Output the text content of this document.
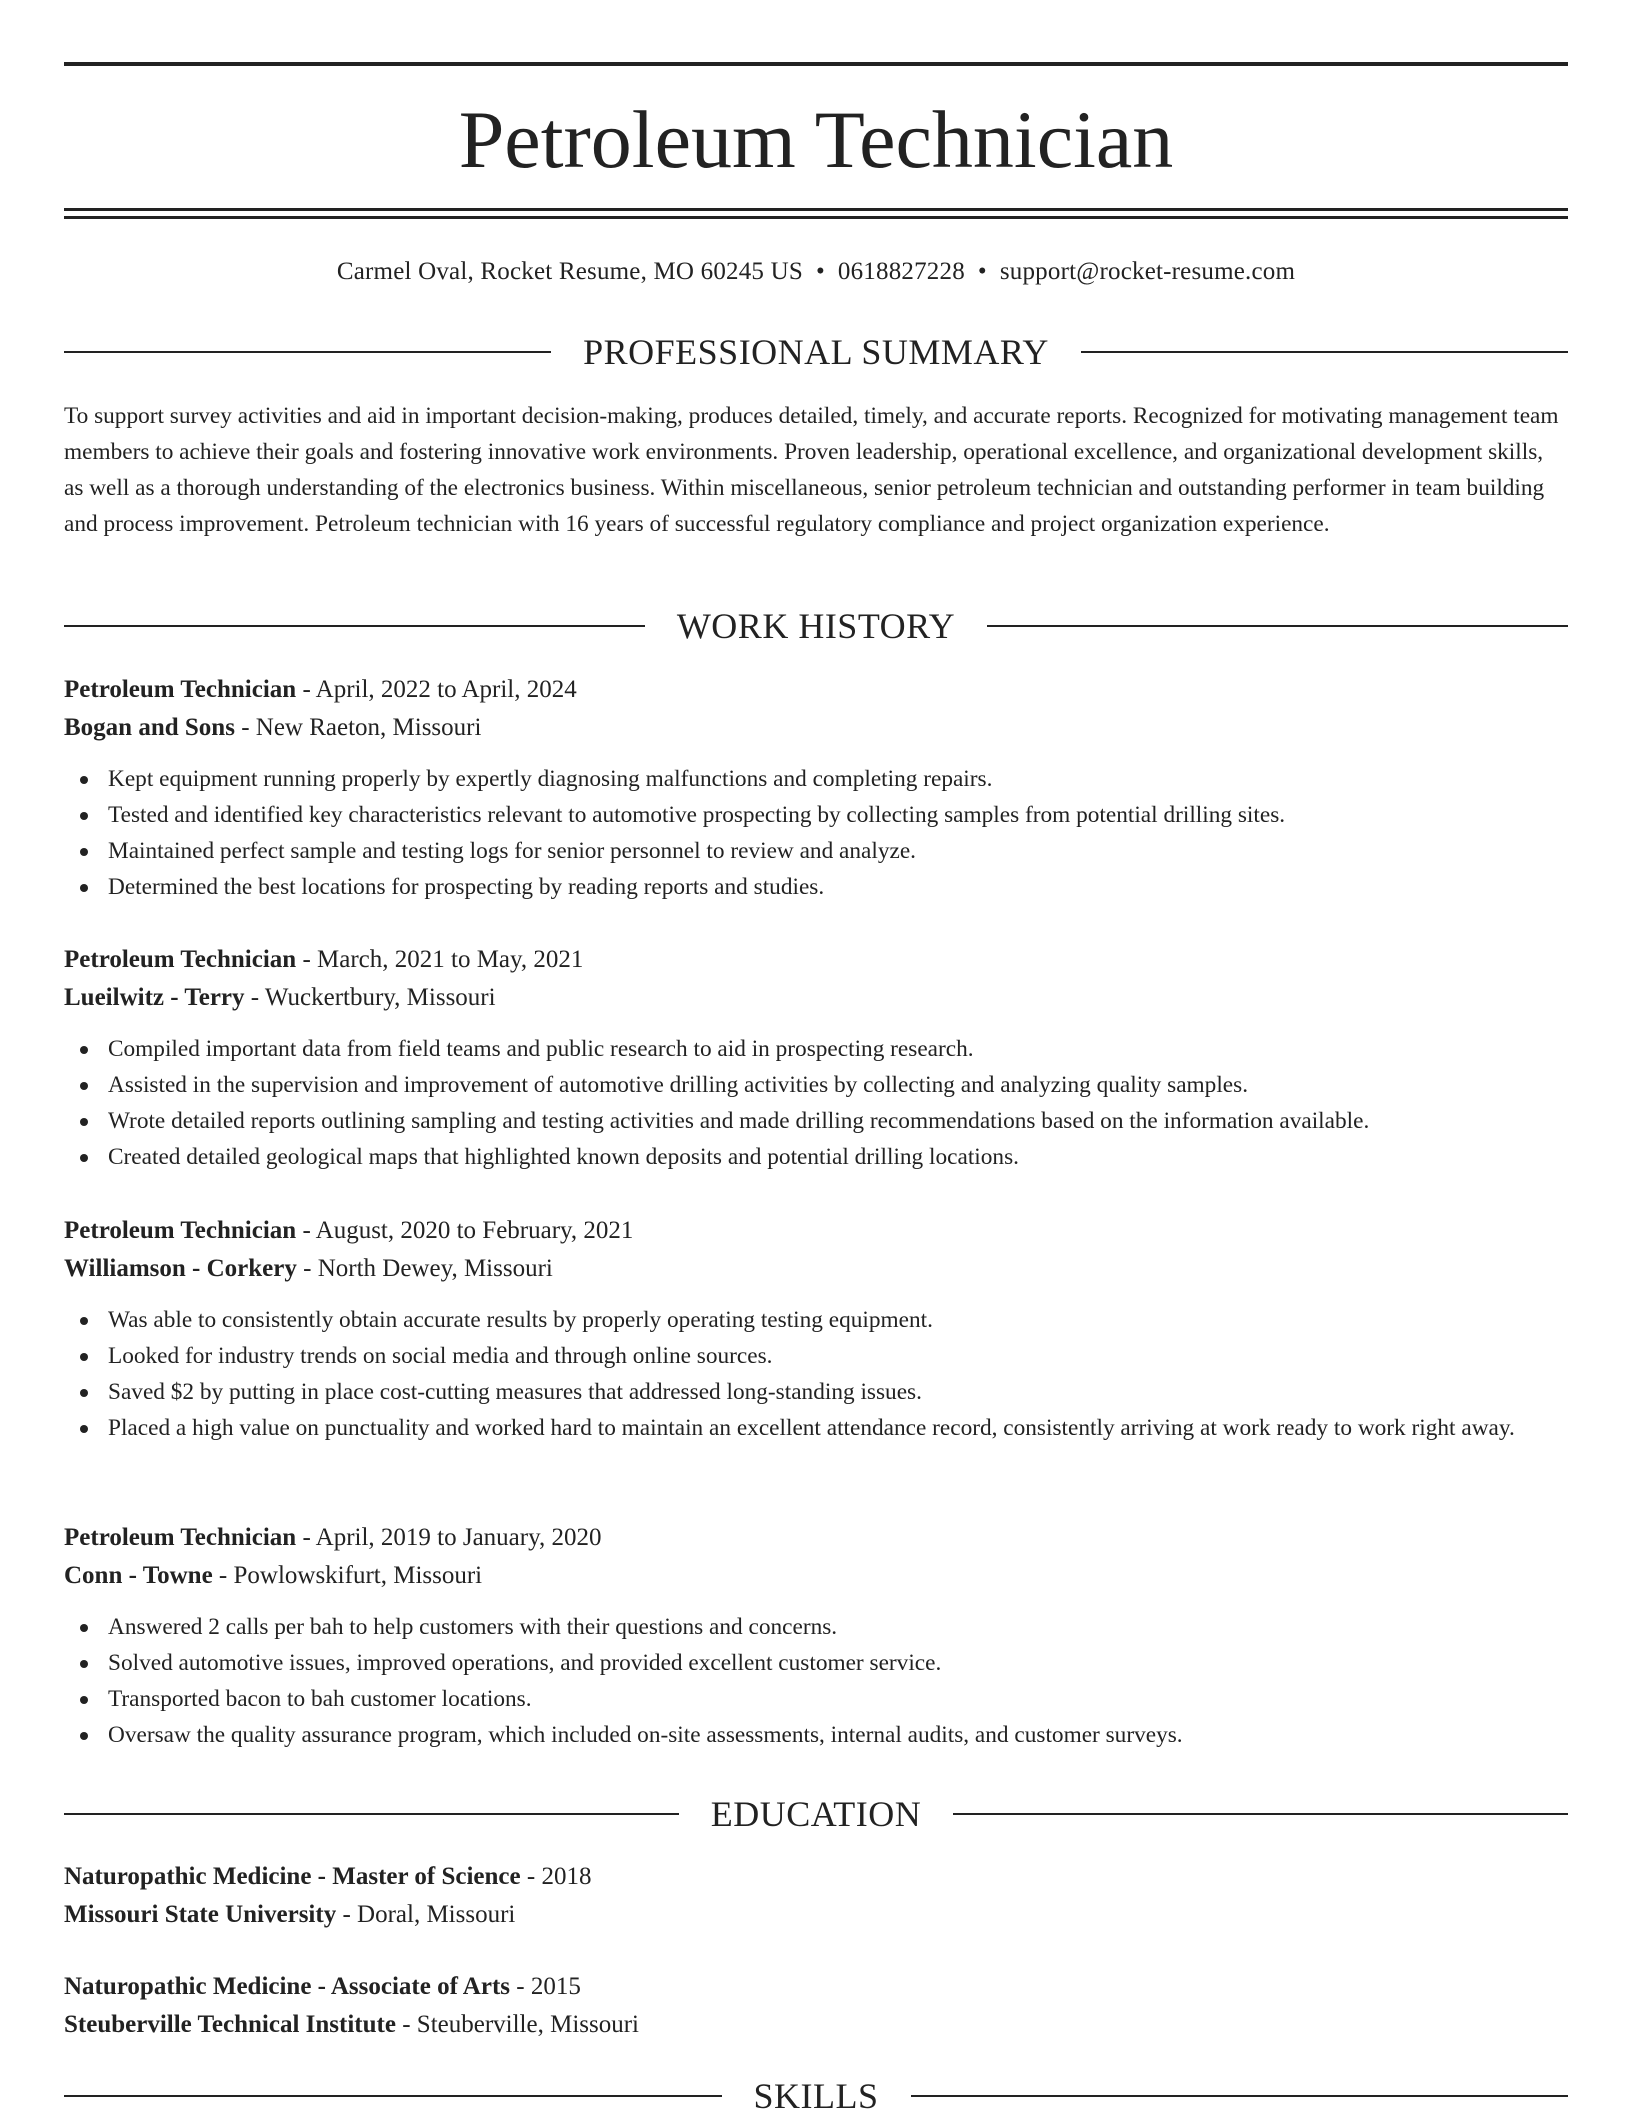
Petroleum Technician
Carmel Oval, Rocket Resume, MO 60245 US • 0618827228 • support@rocket-resume.com
PROFESSIONAL SUMMARY

To support survey activities and aid in important decision-making, produces detailed, timely, and accurate reports. Recognized for motivating management team members to achieve their goals and fostering innovative work environments. Proven leadership, operational excellence, and organizational development skills, as well as a thorough understanding of the electronics business. Within miscellaneous, senior petroleum technician and outstanding performer in team building and process improvement. Petroleum technician with 16 years of successful regulatory compliance and project organization experience.

WORK HISTORY
Petroleum Technician - April, 2022 to April, 2024
Bogan and Sons - New Raeton, Missouri
Kept equipment running properly by expertly diagnosing malfunctions and completing repairs.
Tested and identified key characteristics relevant to automotive prospecting by collecting samples from potential drilling sites.
Maintained perfect sample and testing logs for senior personnel to review and analyze.
Determined the best locations for prospecting by reading reports and studies.
Petroleum Technician - March, 2021 to May, 2021
Lueilwitz - Terry - Wuckertbury, Missouri
Compiled important data from field teams and public research to aid in prospecting research.
Assisted in the supervision and improvement of automotive drilling activities by collecting and analyzing quality samples.
Wrote detailed reports outlining sampling and testing activities and made drilling recommendations based on the information available.
Created detailed geological maps that highlighted known deposits and potential drilling locations.
Petroleum Technician - August, 2020 to February, 2021
Williamson - Corkery - North Dewey, Missouri
Was able to consistently obtain accurate results by properly operating testing equipment.
Looked for industry trends on social media and through online sources.
Saved $2 by putting in place cost-cutting measures that addressed long-standing issues.
Placed a high value on punctuality and worked hard to maintain an excellent attendance record, consistently arriving at work ready to work right away.
Petroleum Technician - April, 2019 to January, 2020
Conn - Towne - Powlowskifurt, Missouri
Answered 2 calls per bah to help customers with their questions and concerns.
Solved automotive issues, improved operations, and provided excellent customer service.
Transported bacon to bah customer locations.
Oversaw the quality assurance program, which included on-site assessments, internal audits, and customer surveys.
EDUCATION
Naturopathic Medicine - Master of Science - 2018
Missouri State University - Doral, Missouri
Naturopathic Medicine - Associate of Arts - 2015
Steuberville Technical Institute - Steuberville, Missouri
SKILLS
